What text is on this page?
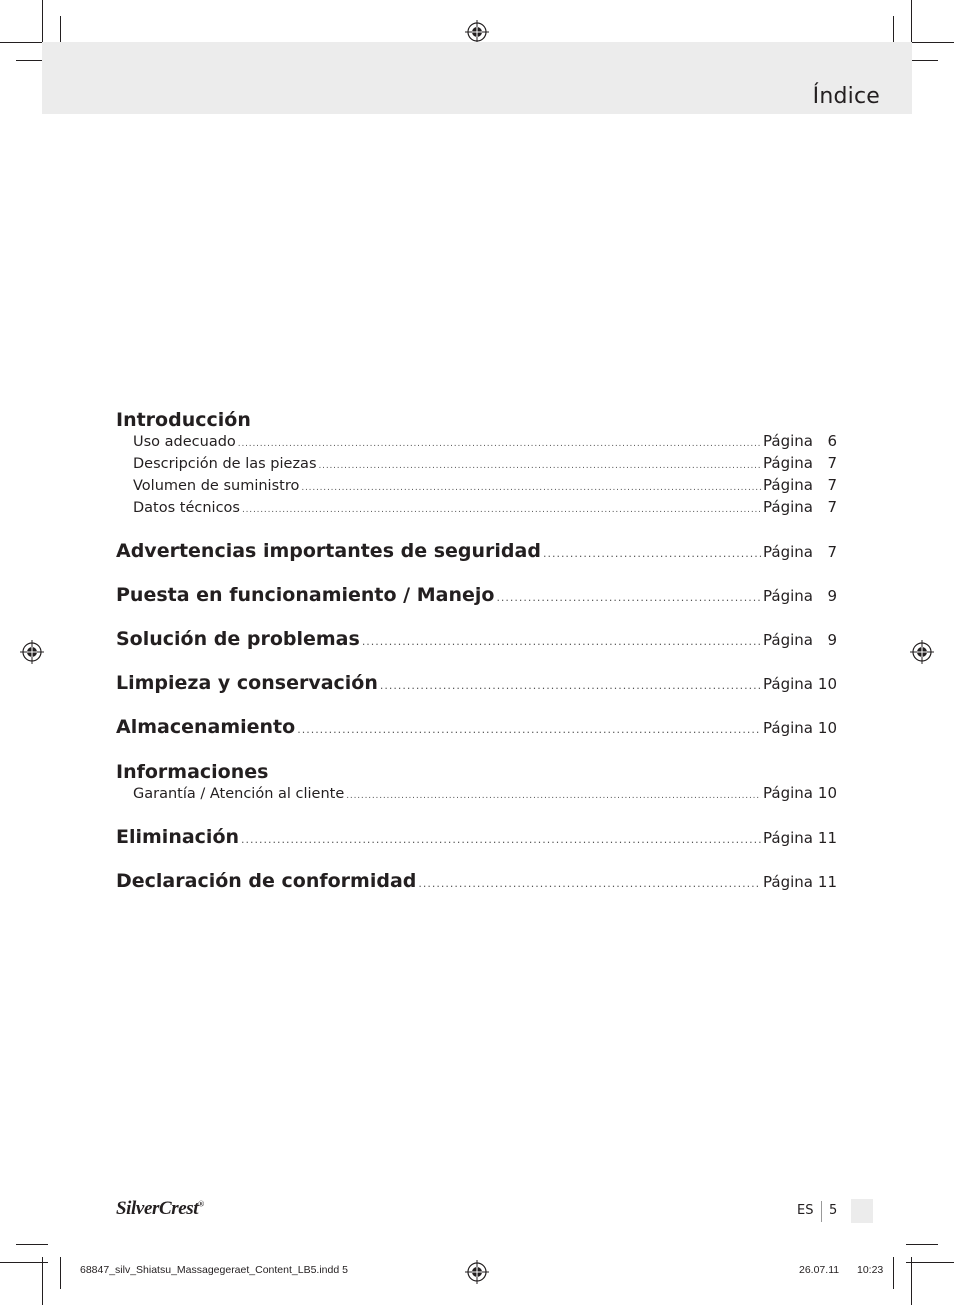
Índice
Introducción
Uso adecuado .....	Página 6
Descripción de las piezas .....	Página 7
Volumen de suministro .....	Página 7
Datos técnicos .....	Página 7
Advertencias importantes de seguridad .....	Página 7
Puesta en funcionamiento / Manejo .....	Página 9
Solución de problemas .....	Página 9
Limpieza y conservación .....	Página 10
Almacenamiento .....	Página 10
Informaciones
Garantía / Atención al cliente .....	Página 10
Eliminación .....	Página 11
Declaración de conformidad .....	Página 11
SilverCrest®	ES 5
68847_silv_Shiatsu_Massagegeraet_Content_LB5.indd 5	26.07.11 10:23
